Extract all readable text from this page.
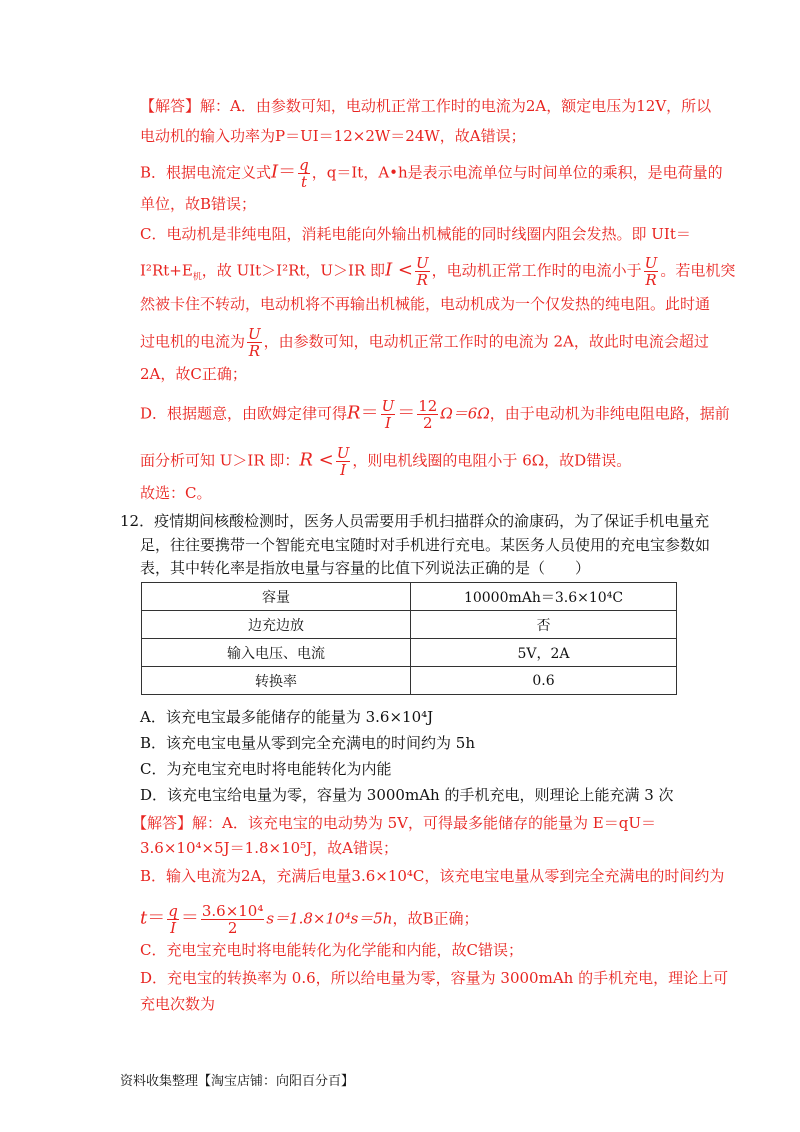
【解答】解：A．由参数可知，电动机正常工作时的电流为2A，额定电压为12V，所以
电动机的输入功率为P＝UI＝12×2W＝24W，故A错误；
B．根据电流定义式$I= \frac{q}{t}$ ，q＝It，A•h是表示电流单位与时间单位的乘积，是电荷量的
单位，故B错误；
C．电动机是非纯电阻，消耗电能向外输出机械能的同时线圈内阻会发热。即 UIt＝
$I^2Rt+E_机$，故 UIt＞I²Rt，U＞IR 即$I < \frac{U}{R}$ ，电动机正常工作时的电流小于 $\frac{U}{R}$ 。若电机突
然被卡住不转动，电动机将不再输出机械能，电动机成为一个仅发热的纯电阻。此时通
过电机的电流为 $\frac{U}{R}$ ，由参数可知，电动机正常工作时的电流为 2A，故此时电流会超过
2A，故C正确；
D．根据题意，由欧姆定律可得$R= \frac{U}{I} = \frac{12}{2} \Omega=6\Omega$，由于电动机为非纯电阻电路，据前
面分析可知 U＞IR 即：$R < \frac{U}{I}$ ，则电机线圈的电阻小于 6Ω，故D错误。
故选：C。
12．疫情期间核酸检测时，医务人员需要用手机扫描群众的渝康码，为了保证手机电量充
足，往往要携带一个智能充电宝随时对手机进行充电。某医务人员使用的充电宝参数如
表，其中转化率是指放电量与容量的比值下列说法正确的是（　　）
容量	10000mAh＝3.6×10⁴C
边充边放	否
输入电压、电流	5V，2A
转换率	0.6
A．该充电宝最多能储存的能量为 3.6×10⁴J
B．该充电宝电量从零到完全充满电的时间约为 5h
C．为充电宝充电时将电能转化为内能
D．该充电宝给电量为零，容量为 3000mAh 的手机充电，则理论上能充满 3 次
【解答】解：A．该充电宝的电动势为 5V，可得最多能储存的能量为 E＝qU＝
3.6×10⁴×5J＝1.8×10⁵J，故A错误；
B．输入电流为2A，充满后电量3.6×10⁴C，该充电宝电量从零到完全充满电的时间约为
$t= \frac{q}{I} = \frac{\text{3.6×10⁴}}{2} s=1.8\times 10^4s=5h$，故B正确；
C．充电宝充电时将电能转化为化学能和内能，故C错误；
D．充电宝的转换率为 0.6，所以给电量为零，容量为 3000mAh 的手机充电，理论上可
充电次数为
资料收集整理【淘宝店铺：向阳百分百】
